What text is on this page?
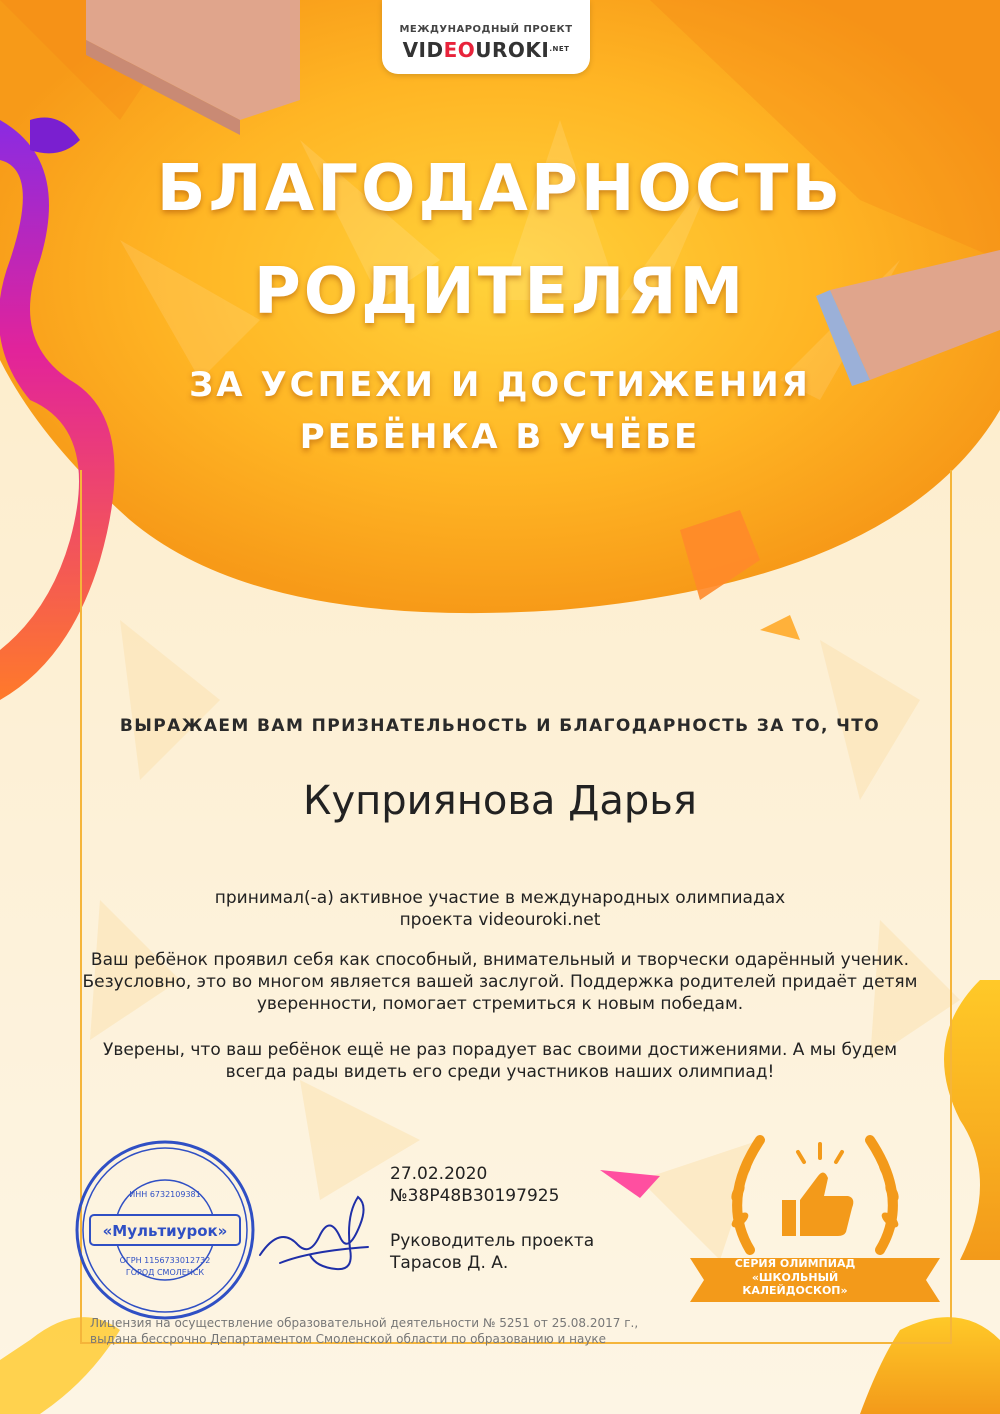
МЕЖДУНАРОДНЫЙ ПРОЕКТ
$VIDEOUROKI^{.NET}$
БЛАГОДАРНОСТЬ
РОДИТЕЛЯМ
ЗА УСПЕХИ И ДОСТИЖЕНИЯ
РЕБЁНКА В УЧЁБЕ
ВЫРАЖАЕМ ВАМ ПРИЗНАТЕЛЬНОСТЬ И БЛАГОДАРНОСТЬ ЗА ТО, ЧТО
Куприянова Дарья
принимал(-а) активное участие в международных олимпиадах
проекта videouroki.net
Ваш ребёнок проявил себя как способный, внимательный и творчески одарённый ученик.
Безусловно, это во многом является вашей заслугой. Поддержка родителей придаёт детям
уверенности, помогает стремиться к новым победам.
Уверены, что ваш ребёнок ещё не раз порадует вас своими достижениями. А мы будем
всегда рады видеть его среди участников наших олимпиад!
27.02.2020
№38P48B30197925
Руководитель проекта
Тарасов Д. А.
Лицензия на осуществление образовательной деятельности № 5251 от 25.08.2017 г.,
выдана бессрочно Департаментом Смоленской области по образованию и науке
«Мультиурок»
ИНН 6732109381
ОГРН 1156733012732
ГОРОД СМОЛЕНСК
СЕРИЯ ОЛИМПИАД
«ШКОЛЬНЫЙ КАЛЕЙДОСКОП»
